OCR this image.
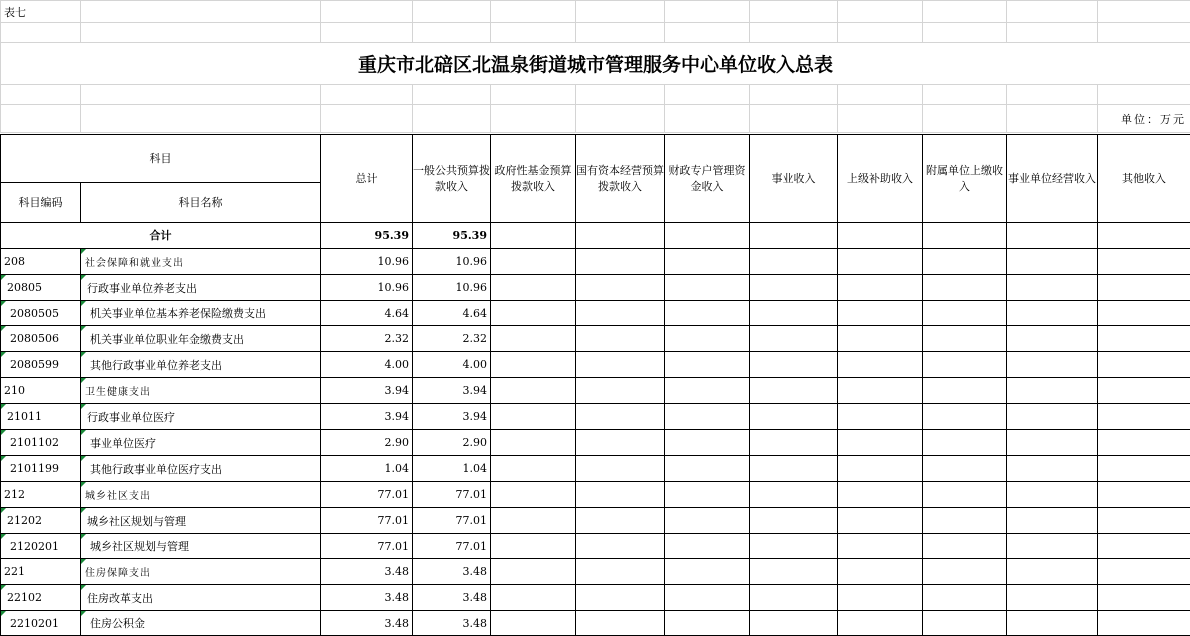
表七											

重庆市北碚区北温泉街道城市管理服务中心单位收入总表											

											单位：万元
科目		总计	一般公共预算拨款收入	政府性基金预算拨款收入	国有资本经营预算拨款收入	财政专户管理资金收入	事业收入	上级补助收入	附属单位上缴收入	事业单位经营收入	其他收入
科目编码	科目名称										
合计		95.39	95.39								
208	社会保障和就业支出	10.96	10.96								

20805	行政事业单位养老支出	10.96	10.96								

2080505	机关事业单位基本养老保险缴费支出	4.64	4.64								

2080506	机关事业单位职业年金缴费支出	2.32	2.32								

2080599	其他行政事业单位养老支出	4.00	4.00								
210	卫生健康支出	3.94	3.94								

21011	行政事业单位医疗	3.94	3.94								

2101102	事业单位医疗	2.90	2.90								

2101199	其他行政事业单位医疗支出	1.04	1.04								
212	城乡社区支出	77.01	77.01								

21202	城乡社区规划与管理	77.01	77.01								

2120201	城乡社区规划与管理	77.01	77.01								
221	住房保障支出	3.48	3.48								

22102	住房改革支出	3.48	3.48								

2210201	住房公积金	3.48	3.48								
